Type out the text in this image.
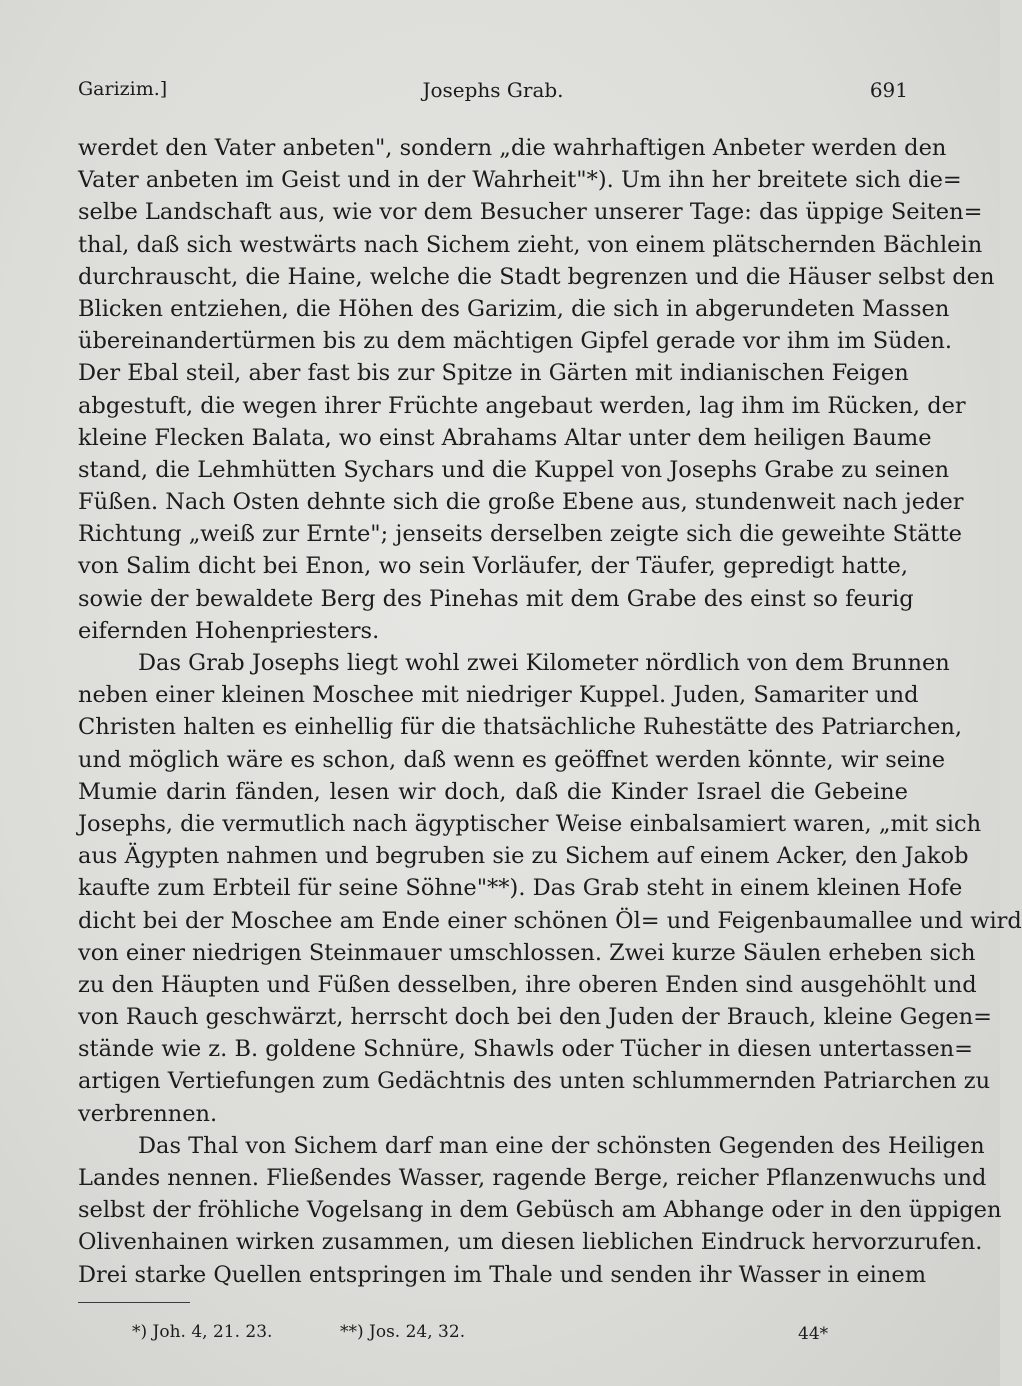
Garizim.]	Josephs Grab.	691
werdet den Vater anbeten", sondern „die wahrhaftigen Anbeter werden den
Vater anbeten im Geist und in der Wahrheit"*). Um ihn her breitete sich die=
selbe Landschaft aus, wie vor dem Besucher unserer Tage: das üppige Seiten=
thal, daß sich westwärts nach Sichem zieht, von einem plätschernden Bächlein
durchrauscht, die Haine, welche die Stadt begrenzen und die Häuser selbst den
Blicken entziehen, die Höhen des Garizim, die sich in abgerundeten Massen
übereinandertürmen bis zu dem mächtigen Gipfel gerade vor ihm im Süden.
Der Ebal steil, aber fast bis zur Spitze in Gärten mit indianischen Feigen
abgestuft, die wegen ihrer Früchte angebaut werden, lag ihm im Rücken, der
kleine Flecken Balata, wo einst Abrahams Altar unter dem heiligen Baume
stand, die Lehmhütten Sychars und die Kuppel von Josephs Grabe zu seinen
Füßen. Nach Osten dehnte sich die große Ebene aus, stundenweit nach jeder
Richtung „weiß zur Ernte"; jenseits derselben zeigte sich die geweihte Stätte
von Salim dicht bei Enon, wo sein Vorläufer, der Täufer, gepredigt hatte,
sowie der bewaldete Berg des Pinehas mit dem Grabe des einst so feurig
eifernden Hohenpriesters.
Das Grab Josephs liegt wohl zwei Kilometer nördlich von dem Brunnen
neben einer kleinen Moschee mit niedriger Kuppel. Juden, Samariter und
Christen halten es einhellig für die thatsächliche Ruhestätte des Patriarchen,
und möglich wäre es schon, daß wenn es geöffnet werden könnte, wir seine
Mumie darin fänden, lesen wir doch, daß die Kinder Israel die Gebeine
Josephs, die vermutlich nach ägyptischer Weise einbalsamiert waren, „mit sich
aus Ägypten nahmen und begruben sie zu Sichem auf einem Acker, den Jakob
kaufte zum Erbteil für seine Söhne"**). Das Grab steht in einem kleinen Hofe
dicht bei der Moschee am Ende einer schönen Öl= und Feigenbaumallee und wird
von einer niedrigen Steinmauer umschlossen. Zwei kurze Säulen erheben sich
zu den Häupten und Füßen desselben, ihre oberen Enden sind ausgehöhlt und
von Rauch geschwärzt, herrscht doch bei den Juden der Brauch, kleine Gegen=
stände wie z. B. goldene Schnüre, Shawls oder Tücher in diesen untertassen=
artigen Vertiefungen zum Gedächtnis des unten schlummernden Patriarchen zu
verbrennen.
Das Thal von Sichem darf man eine der schönsten Gegenden des Heiligen
Landes nennen. Fließendes Wasser, ragende Berge, reicher Pflanzenwuchs und
selbst der fröhliche Vogelsang in dem Gebüsch am Abhange oder in den üppigen
Olivenhainen wirken zusammen, um diesen lieblichen Eindruck hervorzurufen.
Drei starke Quellen entspringen im Thale und senden ihr Wasser in einem
*) Joh. 4, 21. 23.	**) Jos. 24, 32.	44*
